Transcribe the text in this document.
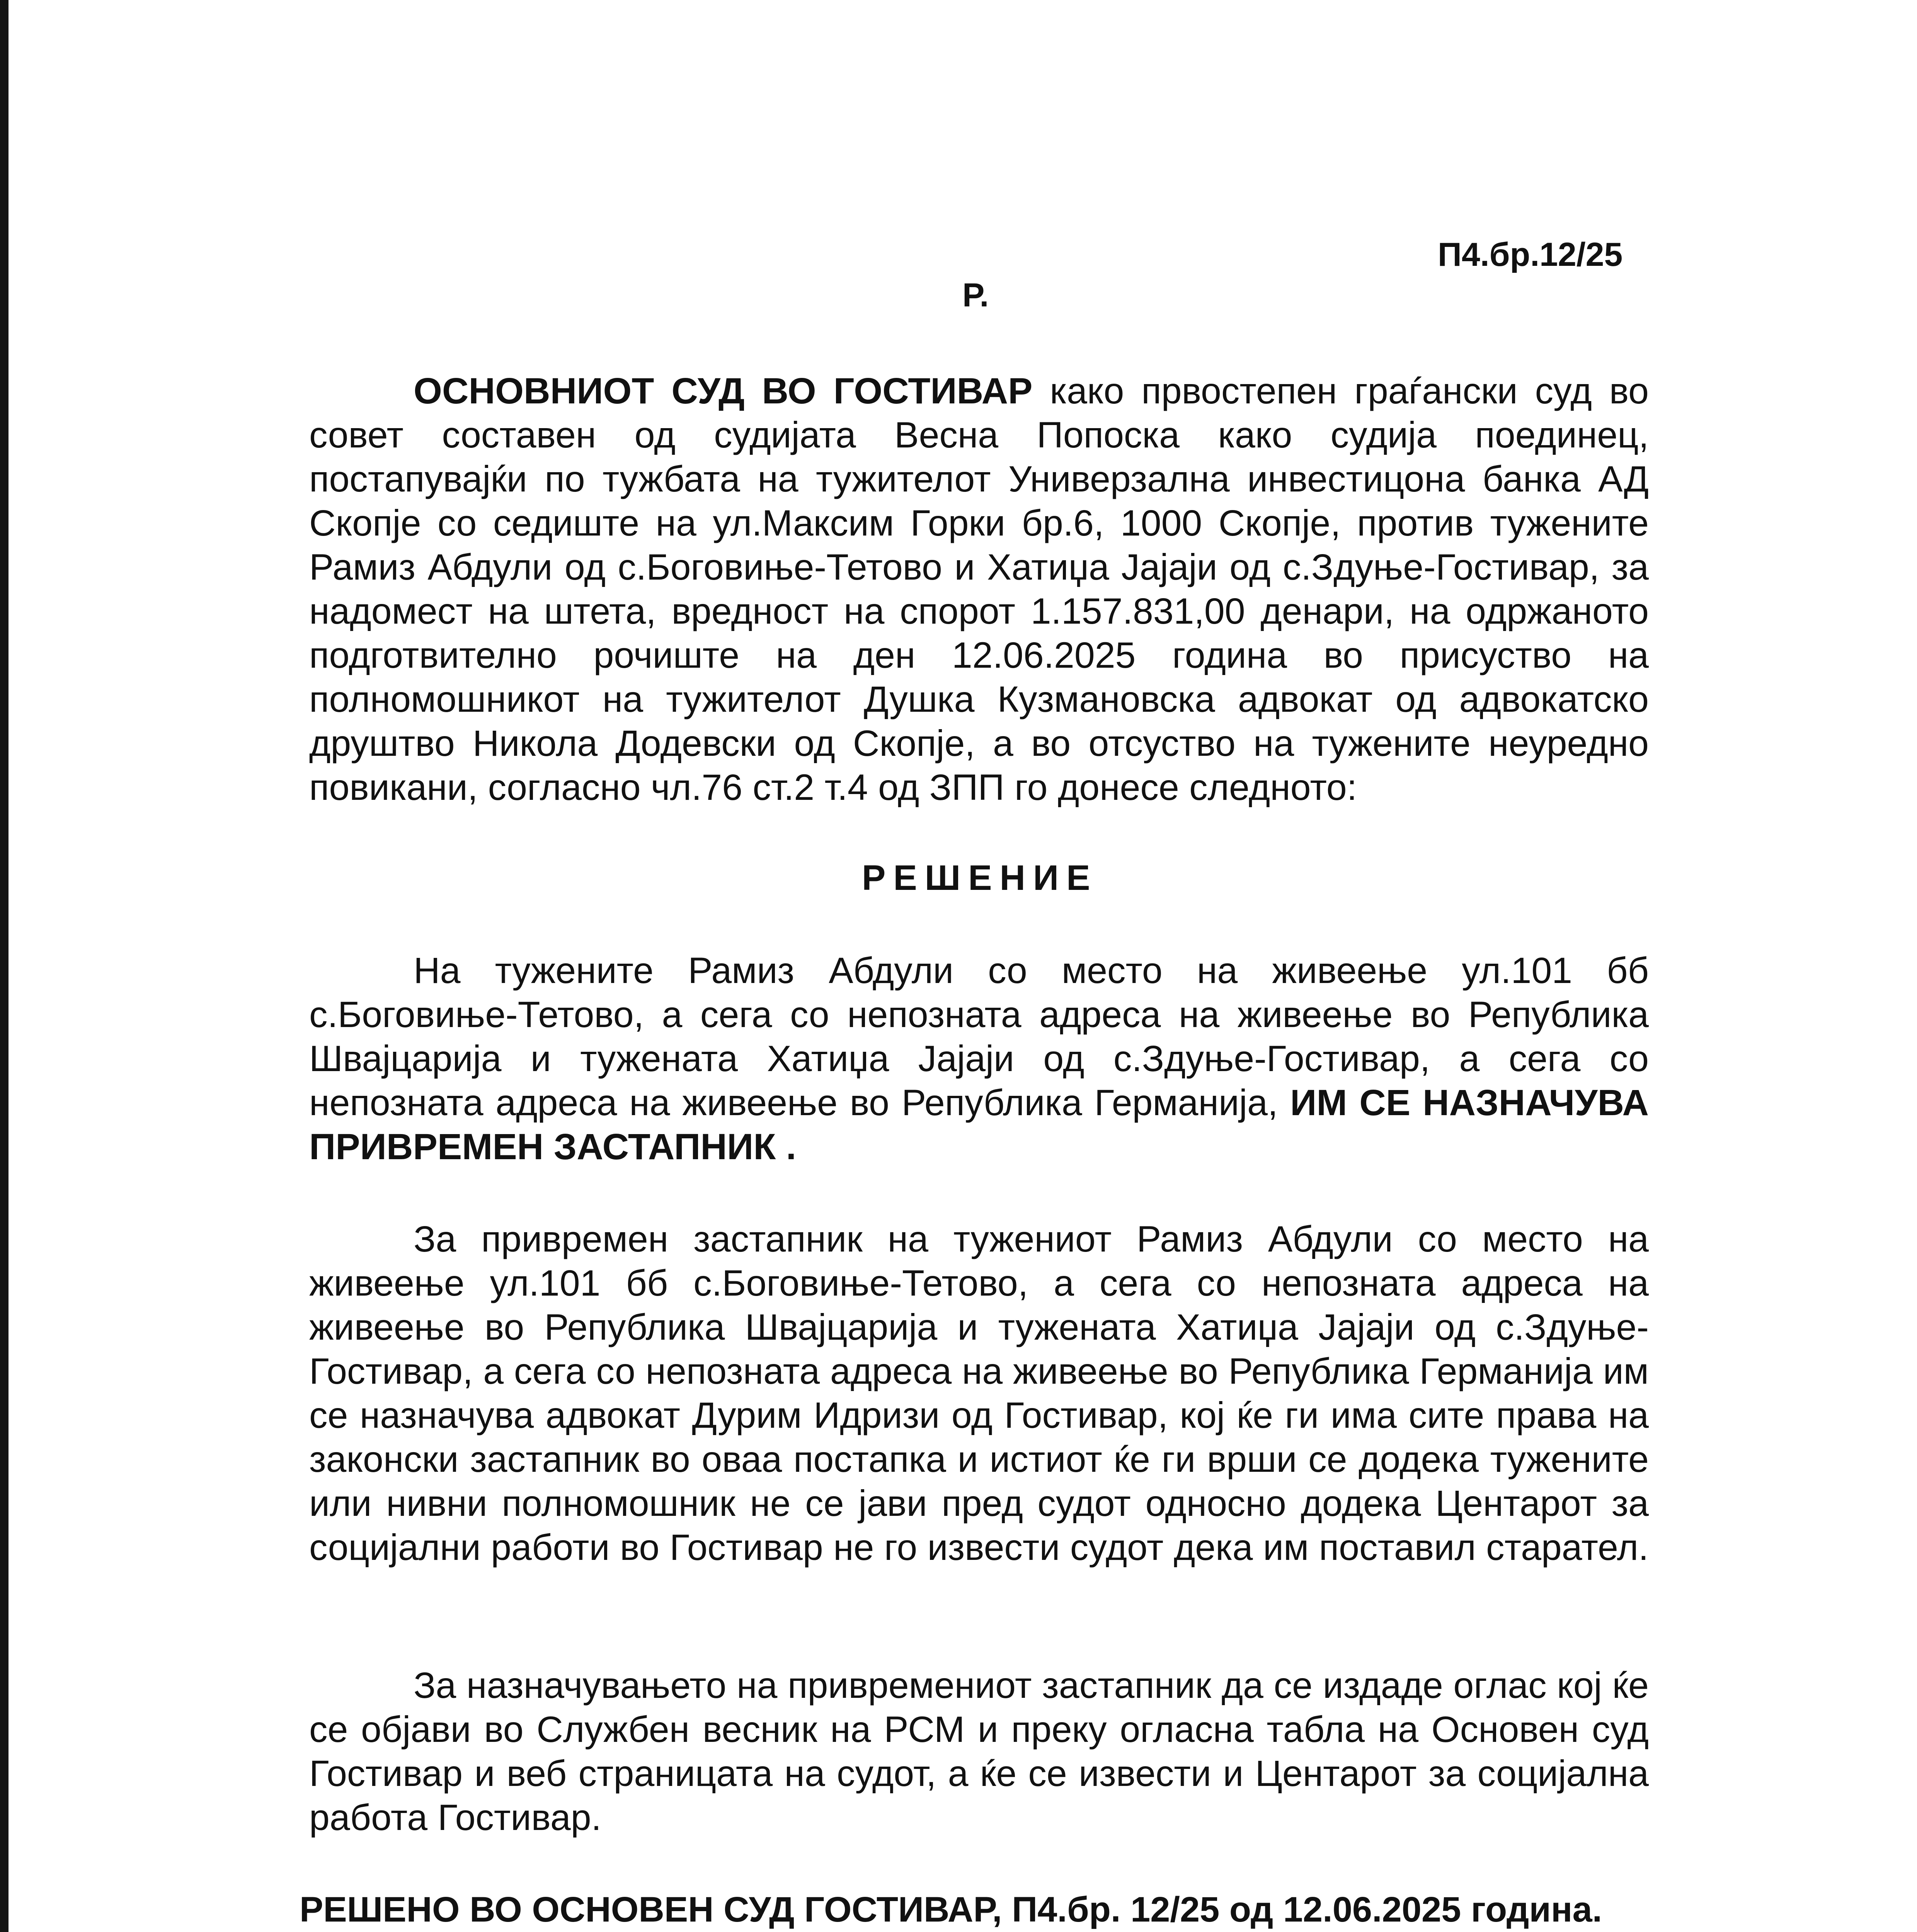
П4.бр.12/25
Р.

ОСНОВНИОТ СУД ВО ГОСТИВАР како првостепен граѓански суд во совет составен од судијата Весна Попоска како судија поединец, постапувајќи по тужбата на тужителот Универзална инвестицона банка АД Скопје со седиште на ул.Максим Горки бр.6, 1000 Скопје, против тужените Рамиз Абдули од с.Боговиње-Тетово и Хатиџа Јајаји од с.Здуње-Гостивар, за надомест на штета, вредност на спорот 1.157.831,00 денари, на одржаното подготвително рочиште на ден 12.06.2025 година во присуство на полномошникот на тужителот Душка Кузмановска адвокат од адвокатско друштво Никола Додевски од Скопје, а во отсуство на тужените неуредно повикани, согласно чл.76 ст.2 т.4 од ЗПП го донесе следното:

РЕШЕНИЕ

На тужените Рамиз Абдули со место на живеење ул.101 бб с.Боговиње-Тетово, а сега со непозната адреса на живеење во Република Швајцарија и тужената Хатиџа Јајаји од с.Здуње-Гостивар, а сега со непозната адреса на живеење во Република Германија, ИМ СЕ НАЗНАЧУВА ПРИВРЕМЕН ЗАСТАПНИК .

За привремен застапник на тужениот Рамиз Абдули со место на живеење ул.101 бб с.Боговиње-Тетово, а сега со непозната адреса на живеење во Република Швајцарија и тужената Хатиџа Јајаји од с.Здуње-Гостивар, а сега со непозната адреса на живеење во Република Германија им се назначува адвокат Дурим Идризи од Гостивар, кој ќе ги има сите права на законски застапник во оваа постапка и истиот ќе ги врши се додека тужените или нивни полномошник не се јави пред судот односно додека Центарот за социјални работи во Гостивар не го извести судот дека им поставил старател.

За назначувањето на привремениот застапник да се издаде оглас кој ќе се објави во Службен весник на РСМ и преку огласна табла на Основен суд Гостивар и веб страницата на судот, а ќе се извести и Центарот за социјална работа Гостивар.

РЕШЕНО ВО ОСНОВЕН СУД ГОСТИВАР, П4.бр. 12/25 од 12.06.2025 година.
